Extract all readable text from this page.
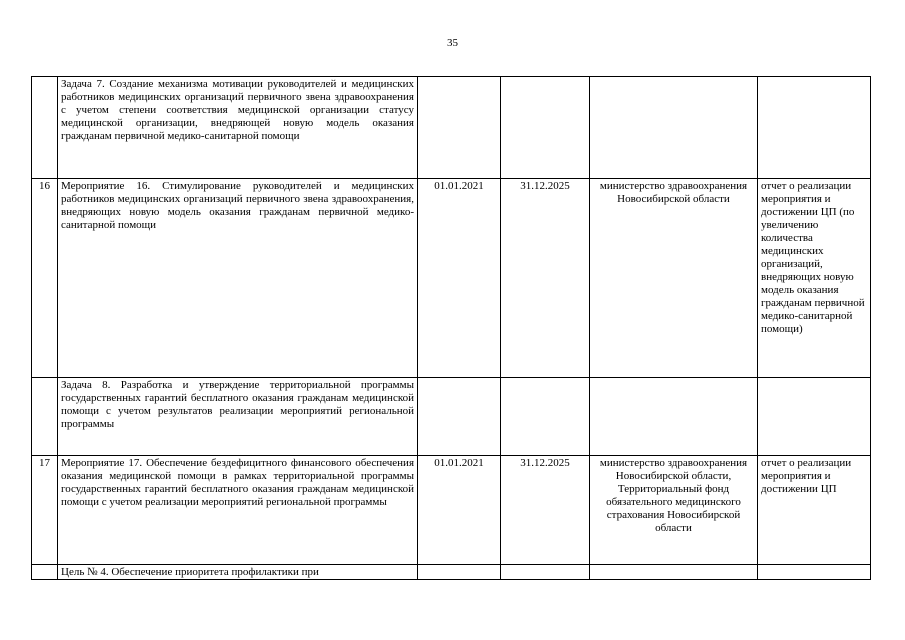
35
	Задача 7. Создание механизма мотивации руководителей и медицинских работников медицинских организаций первичного звена здравоохранения с учетом степени соответствия медицинской организации статусу медицинской организации, внедряющей новую модель оказания гражданам первичной медико-санитарной помощи				
16	Мероприятие 16. Стимулирование руководителей и медицинских работников медицинских организаций первичного звена здравоохранения, внедряющих новую модель оказания гражданам первичной медико-санитарной помощи	01.01.2021	31.12.2025	министерство здравоохранения Новосибирской области	отчет о реализации мероприятия и достижении ЦП (по увеличению количества медицинских организаций, внедряющих новую модель оказания гражданам первичной медико-санитарной помощи)
	Задача 8. Разработка и утверждение территориальной программы государственных гарантий бесплатного оказания гражданам медицинской помощи с учетом результатов реализации мероприятий региональной программы				
17	Мероприятие 17. Обеспечение бездефицитного финансового обеспечения оказания медицинской помощи в рамках территориальной программы государственных гарантий бесплатного оказания гражданам медицинской помощи с учетом реализации мероприятий региональной программы	01.01.2021	31.12.2025	министерство здравоохранения Новосибирской области, Территориальный фонд обязательного медицинского страхования Новосибирской области	отчет о реализации мероприятия и достижении ЦП
	Цель № 4. Обеспечение приоритета профилактики при				
